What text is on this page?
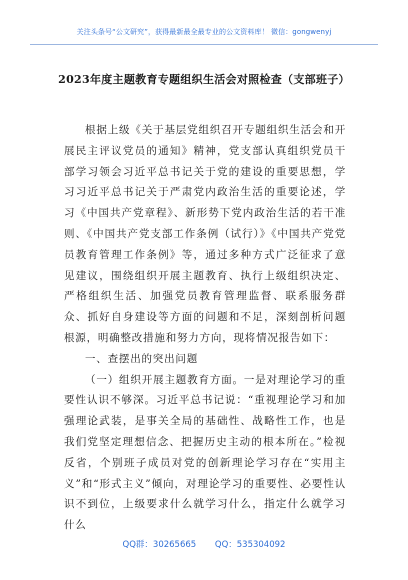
关注头条号“公文研究”，获得最新最全最专业的公文资料库！ 微信：gongwenyj
2023年度主题教育专题组织生活会对照检查（支部班子）

根据上级《关于基层党组织召开专题组织生活会和开展民主评议党员的通知》精神，党支部认真组织党员干部学习领会习近平总书记关于党的建设的重要思想，学习习近平总书记关于严肃党内政治生活的重要论述，学习《中国共产党章程》、新形势下党内政治生活的若干准则、《中国共产党支部工作条例（试行）》《中国共产党党员教育管理工作条例》等，通过多种方式广泛征求了意见建议，围绕组织开展主题教育、执行上级组织决定、严格组织生活、加强党员教育管理监督、联系服务群众、抓好自身建设等方面的问题和不足，深刻剖析问题根源，明确整改措施和努力方向，现将情况报告如下：

一、查摆出的突出问题

（一）组织开展主题教育方面。一是对理论学习的重要性认识不够深。习近平总书记说：“重视理论学习和加强理论武装，是事关全局的基础性、战略性工作，也是我们党坚定理想信念、把握历史主动的根本所在。”检视反省，个别班子成员对党的创新理论学习存在“实用主义”和“形式主义”倾向，对理论学习的重要性、必要性认识不到位，上级要求什么就学习什么，指定什么就学习什么

QQ群：30265665 QQ：535304092
